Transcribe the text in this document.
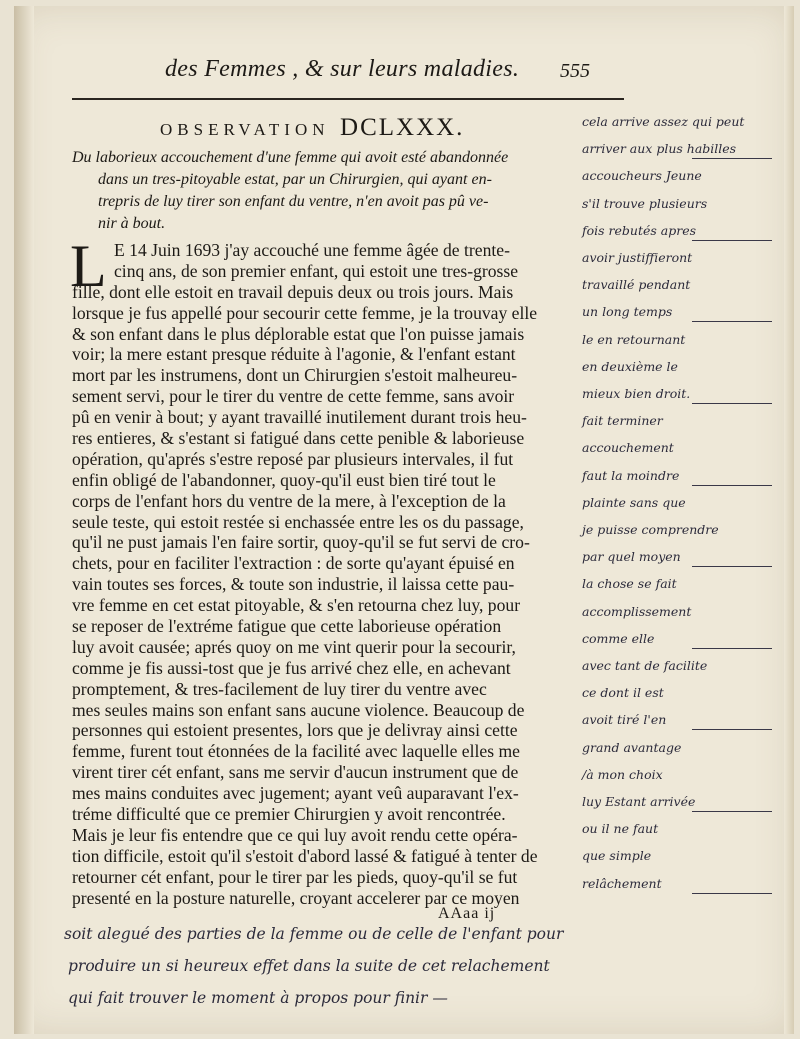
des Femmes , & sur leurs maladies. 555
OBSERVATION DCLXXX.
Du laborieux accouchement d'une femme qui avoit esté abandonnée
dans un tres-pitoyable estat, par un Chirurgien, qui ayant en-
trepris de luy tirer son enfant du ventre, n'en avoit pas pû ve-
nir à bout.
L E 14 Juin 1693 j'ay accouché une femme âgée de trente-
cinq ans, de son premier enfant, qui estoit une tres-grosse
fille, dont elle estoit en travail depuis deux ou trois jours. Mais
lorsque je fus appellé pour secourir cette femme, je la trouvay elle
& son enfant dans le plus déplorable estat que l'on puisse jamais
voir; la mere estant presque réduite à l'agonie, & l'enfant estant
mort par les instrumens, dont un Chirurgien s'estoit malheureu-
sement servi, pour le tirer du ventre de cette femme, sans avoir
pû en venir à bout; y ayant travaillé inutilement durant trois heu-
res entieres, & s'estant si fatigué dans cette penible & laborieuse
opération, qu'aprés s'estre reposé par plusieurs intervales, il fut
enfin obligé de l'abandonner, quoy-qu'il eust bien tiré tout le
corps de l'enfant hors du ventre de la mere, à l'exception de la
seule teste, qui estoit restée si enchassée entre les os du passage,
qu'il ne pust jamais l'en faire sortir, quoy-qu'il se fut servi de cro-
chets, pour en faciliter l'extraction : de sorte qu'ayant épuisé en
vain toutes ses forces, & toute son industrie, il laissa cette pau-
vre femme en cet estat pitoyable, & s'en retourna chez luy, pour
se reposer de l'extréme fatigue que cette laborieuse opération
luy avoit causée; aprés quoy on me vint querir pour la secourir,
comme je fis aussi-tost que je fus arrivé chez elle, en achevant
promptement, & tres-facilement de luy tirer du ventre avec
mes seules mains son enfant sans aucune violence. Beaucoup de
personnes qui estoient presentes, lors que je delivray ainsi cette
femme, furent tout étonnées de la facilité avec laquelle elles me
virent tirer cét enfant, sans me servir d'aucun instrument que de
mes mains conduites avec jugement; ayant veû auparavant l'ex-
tréme difficulté que ce premier Chirurgien y avoit rencontrée.
Mais je leur fis entendre que ce qui luy avoit rendu cette opéra-
tion difficile, estoit qu'il s'estoit d'abord lassé & fatigué à tenter de
retourner cét enfant, pour le tirer par les pieds, quoy-qu'il se fut
presenté en la posture naturelle, croyant accelerer par ce moyen
AAaa ij
cela arrive assez qui peut
arriver aux plus habilles
accoucheurs Jeune
s'il trouve plusieurs
fois rebutés apres
avoir justiffieront
travaillé pendant
un long temps
le en retournant
en deuxième le
mieux bien droit.
fait terminer
accouchement
faut la moindre
plainte sans que
je puisse comprendre
par quel moyen
la chose se fait
accomplissement
comme elle
avec tant de facilite
ce dont il est
avoit tiré l'en
grand avantage
/à mon choix
luy Estant arrivée
ou il ne faut
que simple
relâchement
soit alegué des parties de la femme ou de celle de l'enfant pour
produire un si heureux effet dans la suite de cet relachement
qui fait trouver le moment à propos pour finir —
